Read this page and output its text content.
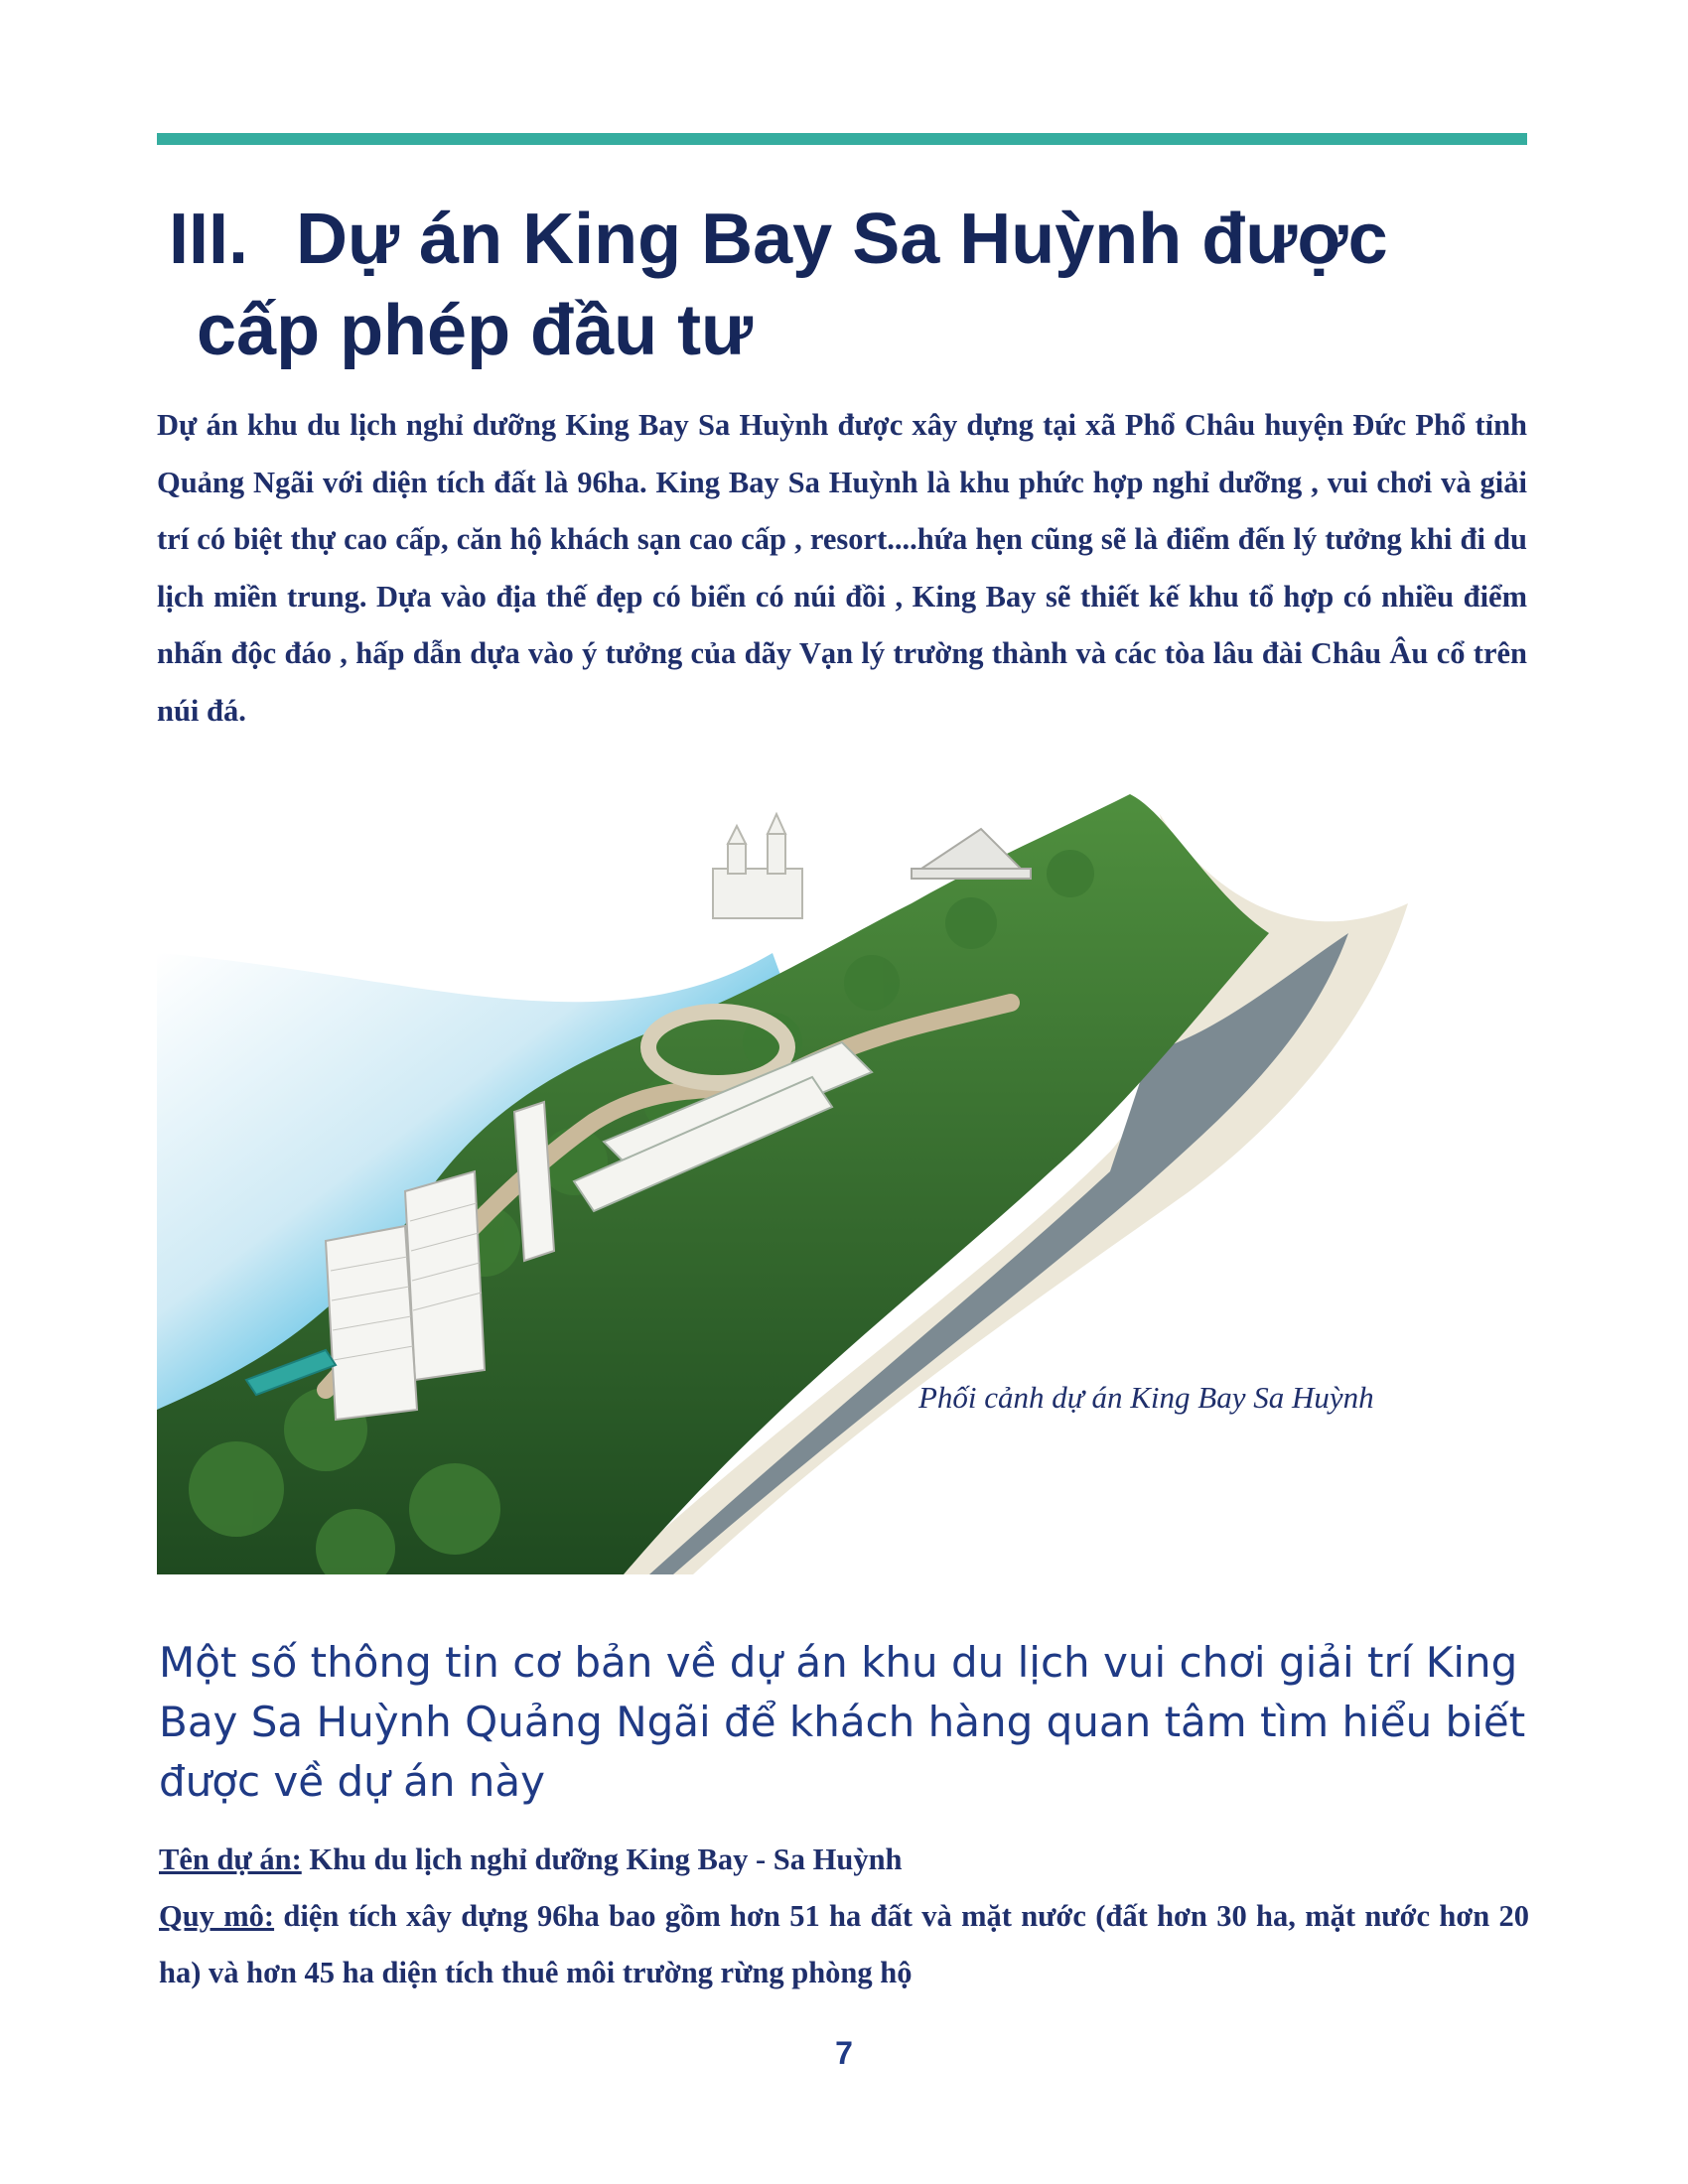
III. Dự án King Bay Sa Huỳnh được
cấp phép đầu tư

Dự án khu du lịch nghỉ dưỡng King Bay Sa Huỳnh được xây dựng tại xã Phổ Châu huyện Đức Phổ tỉnh Quảng Ngãi với diện tích đất là 96ha. King Bay Sa Huỳnh là khu phức hợp nghỉ dưỡng , vui chơi và giải trí có biệt thự cao cấp, căn hộ khách sạn cao cấp , resort....hứa hẹn cũng sẽ là điểm đến lý tưởng khi đi du lịch miền trung. Dựa vào địa thế đẹp có biển có núi đồi , King Bay sẽ thiết kế khu tổ hợp có nhiều điểm nhấn độc đáo , hấp dẫn dựa vào ý tưởng của dãy Vạn lý trường thành và các tòa lâu đài Châu Âu cổ trên núi đá.

Phối cảnh dự án King Bay Sa Huỳnh
Một số thông tin cơ bản về dự án khu du lịch vui chơi giải trí King Bay Sa Huỳnh Quảng Ngãi để khách hàng quan tâm tìm hiểu biết được về dự án này

Tên dự án: Khu du lịch nghỉ dưỡng King Bay - Sa Huỳnh

Quy mô: diện tích xây dựng 96ha bao gồm hơn 51 ha đất và mặt nước (đất hơn 30 ha, mặt nước hơn 20 ha) và hơn 45 ha diện tích thuê môi trường rừng phòng hộ

7
